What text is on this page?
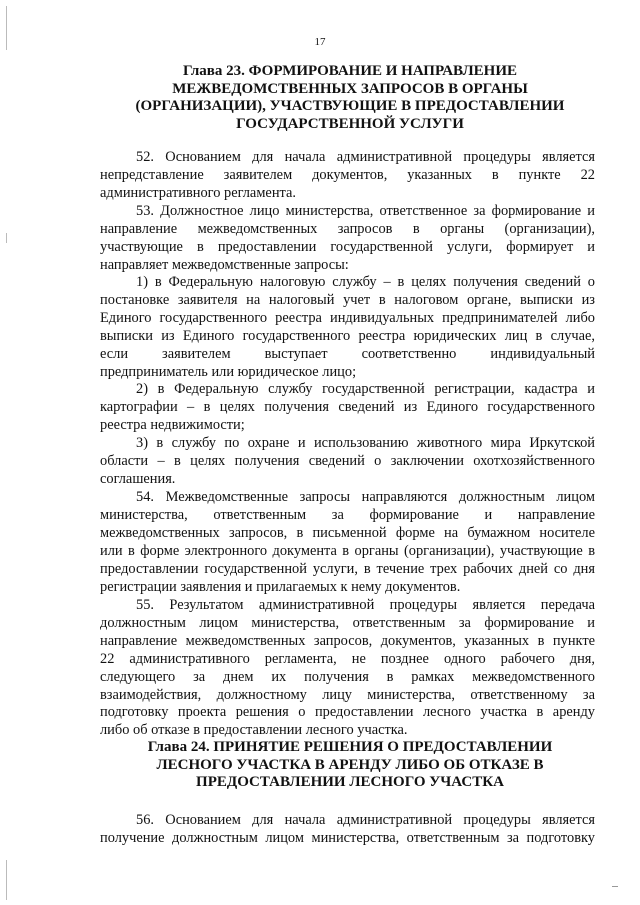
17
Глава 23. ФОРМИРОВАНИЕ И НАПРАВЛЕНИЕ
МЕЖВЕДОМСТВЕННЫХ ЗАПРОСОВ В ОРГАНЫ
(ОРГАНИЗАЦИИ), УЧАСТВУЮЩИЕ В ПРЕДОСТАВЛЕНИИ
ГОСУДАРСТВЕННОЙ УСЛУГИ
52. Основанием для начала административной процедуры является
непредставление заявителем документов, указанных в пункте 22
административного регламента.
53. Должностное лицо министерства, ответственное за формирование и
направление межведомственных запросов в органы (организации),
участвующие в предоставлении государственной услуги, формирует и
направляет межведомственные запросы:
1) в Федеральную налоговую службу – в целях получения сведений о
постановке заявителя на налоговый учет в налоговом органе, выписки из
Единого государственного реестра индивидуальных предпринимателей либо
выписки из Единого государственного реестра юридических лиц в случае,
если заявителем выступает соответственно индивидуальный
предприниматель или юридическое лицо;
2) в Федеральную службу государственной регистрации, кадастра и
картографии – в целях получения сведений из Единого государственного
реестра недвижимости;
3) в службу по охране и использованию животного мира Иркутской
области – в целях получения сведений о заключении охотхозяйственного
соглашения.
54. Межведомственные запросы направляются должностным лицом
министерства, ответственным за формирование и направление
межведомственных запросов, в письменной форме на бумажном носителе
или в форме электронного документа в органы (организации), участвующие в
предоставлении государственной услуги, в течение трех рабочих дней со дня
регистрации заявления и прилагаемых к нему документов.
55. Результатом административной процедуры является передача
должностным лицом министерства, ответственным за формирование и
направление межведомственных запросов, документов, указанных в пункте
22 административного регламента, не позднее одного рабочего дня,
следующего за днем их получения в рамках межведомственного
взаимодействия, должностному лицу министерства, ответственному за
подготовку проекта решения о предоставлении лесного участка в аренду
либо об отказе в предоставлении лесного участка.
Глава 24. ПРИНЯТИЕ РЕШЕНИЯ О ПРЕДОСТАВЛЕНИИ
ЛЕСНОГО УЧАСТКА В АРЕНДУ ЛИБО ОБ ОТКАЗЕ В
ПРЕДОСТАВЛЕНИИ ЛЕСНОГО УЧАСТКА
56. Основанием для начала административной процедуры является
получение должностным лицом министерства, ответственным за подготовку
